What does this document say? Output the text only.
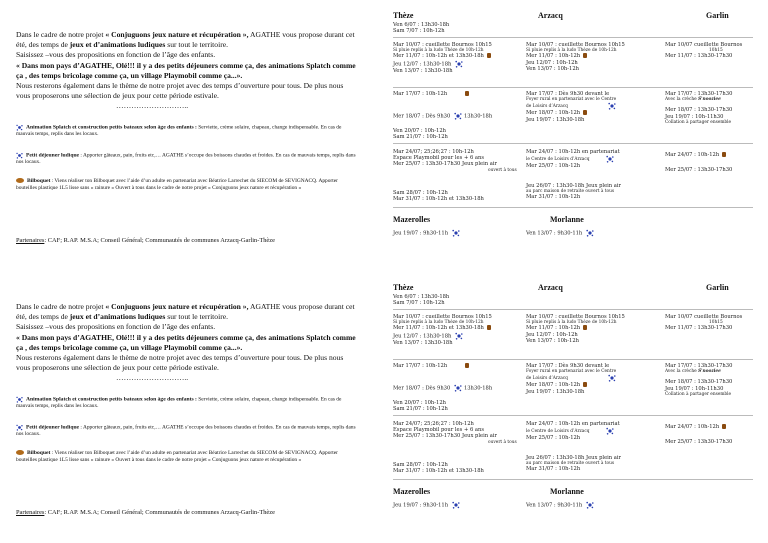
Dans le cadre de notre projet « Conjuguons jeux nature et récupération », AGATHE vous propose durant cet été, des temps de jeux et d’animations ludiques sur tout le territoire.

Saisissez –vous des propositions en fonction de l’âge des enfants.

« Dans mon pays d’AGATHE, Olé!!! il y a des petits déjeuners comme ça, des animations Splatch comme ça , des temps bricolage comme ça, un village Playmobil comme ça...».

Nous resterons également dans le thème de notre projet avec des temps d’ouverture pour tous. De plus nous vous proposerons une sélection de jeux pour cette période estivale.

………………………..

Animation Splatch et construction petits bateaux selon âge des enfants : Serviette, crème solaire, chapeau, change indispensable. En cas de mauvais temps, replis dans les locaux.
Petit déjeuner ludique : Apporter gâteaux, pain, fruits etc,… AGATHE s’occupe des boissons chaudes et froides. En cas de mauvais temps, replis dans nos locaux.
Bilboquet : Viens réaliser ton Bilboquet avec l’aide d’un adulte en partenariat avec Béatrice Larrechet du SIECOM de SEVIGNACQ. Apporter bouteilles plastique 1L5 lisse sans « rainure » Ouvert à tous dans le cadre de notre projet « Conjuguons jeux nature et récupération »
Partenaires: CAF; R.AP. M.S.A; Conseil Général; Communautés de communes Arzacq-Garlin-Thèze
Thèze
Ven 6/07 : 13h30-18h
Sam 7/07 : 10h-12h
Mar 10/07 : cueillette Bournos 10h15
Si pluie replis à la ludo Thèze de 10h-12h
Mer 11/07 : 10h-12h et 13h30-18h
Jeu 12/07 : 13h30-18h
Ven 13/07 : 13h30-18h
Mar 17/07 : 10h-12h
Mer 18/07 : Dès 9h30	13h30-18h
Ven 20/07 : 10h-12h
Sam 21/07 : 10h-12h
Mar 24/07; 25;26;27 : 10h-12h
Espace Playmobil pour les + 6 ans
Mer 25/07 : 13h30-17h30 Jeux plein air
ouvert à tous
Sam 28/07 : 10h-12h
Mar 31/07 : 10h-12h et 13h30-18h
Arzacq
Mar 10/07 : cueillette Bournos 10h15
Si pluie replis à la ludo Thèze de 10h-12h
Mer 11/07 : 10h-12h
Jeu 12/07 : 10h-12h
Ven 13/07 : 10h-12h
Mar 17/07 : Dès 9h30 devant le
Foyer rural en partenariat avec le Centre
de Loisirs d’Arzacq
Mer 18/07 : 10h-12h
Jeu 19/07 : 13h30-18h
Mar 24/07 : 10h-12h en partenariat
le Centre de Loisirs d’Arzacq
Mer 25/07 : 10h-12h
Jeu 26/07 : 13h30-18h Jeux plein air
au parc maison de retraite ouvert à tous
Mar 31/07 : 10h-12h
Garlin
Mar 10/07 cueillette Bournos
10h15
Mer 11/07 : 13h30-17h30
Mar 17/07 : 13h30-17h30
Avec la crèche S'nooziee
Mer 18/07 : 13h30-17h30
Jeu 19/07 : 10h-11h30
Collation à partager ensemble
Mar 24/07 : 10h-12h
Mer 25/07 : 13h30-17h30
Mazerolles
Jeu 19/07 : 9h30-11h
Morlanne
Ven 13/07 : 9h30-11h

Dans le cadre de notre projet « Conjuguons jeux nature et récupération », AGATHE vous propose durant cet été, des temps de jeux et d’animations ludiques sur tout le territoire.

Saisissez –vous des propositions en fonction de l’âge des enfants.

« Dans mon pays d’AGATHE, Olé!!! il y a des petits déjeuners comme ça, des animations Splatch comme ça , des temps bricolage comme ça, un village Playmobil comme ça...».

Nous resterons également dans le thème de notre projet avec des temps d’ouverture pour tous. De plus nous vous proposerons une sélection de jeux pour cette période estivale.

………………………..

Animation Splatch et construction petits bateaux selon âge des enfants : Serviette, crème solaire, chapeau, change indispensable. En cas de mauvais temps, replis dans les locaux.
Petit déjeuner ludique : Apporter gâteaux, pain, fruits etc,… AGATHE s’occupe des boissons chaudes et froides. En cas de mauvais temps, replis dans nos locaux.
Bilboquet : Viens réaliser ton Bilboquet avec l’aide d’un adulte en partenariat avec Béatrice Larrechet du SIECOM de SEVIGNACQ. Apporter bouteilles plastique 1L5 lisse sans « rainure » Ouvert à tous dans le cadre de notre projet « Conjuguons jeux nature et récupération »
Partenaires: CAF; R.AP. M.S.A; Conseil Général; Communautés de communes Arzacq-Garlin-Thèze
Thèze
Ven 6/07 : 13h30-18h
Sam 7/07 : 10h-12h
Mar 10/07 : cueillette Bournos 10h15
Si pluie replis à la ludo Thèze de 10h-12h
Mer 11/07 : 10h-12h et 13h30-18h
Jeu 12/07 : 13h30-18h
Ven 13/07 : 13h30-18h
Mar 17/07 : 10h-12h
Mer 18/07 : Dès 9h30	13h30-18h
Ven 20/07 : 10h-12h
Sam 21/07 : 10h-12h
Mar 24/07; 25;26;27 : 10h-12h
Espace Playmobil pour les + 6 ans
Mer 25/07 : 13h30-17h30 Jeux plein air
ouvert à tous
Sam 28/07 : 10h-12h
Mar 31/07 : 10h-12h et 13h30-18h
Arzacq
Mar 10/07 : cueillette Bournos 10h15
Si pluie replis à la ludo Thèze de 10h-12h
Mer 11/07 : 10h-12h
Jeu 12/07 : 10h-12h
Ven 13/07 : 10h-12h
Mar 17/07 : Dès 9h30 devant le
Foyer rural en partenariat avec le Centre
de Loisirs d’Arzacq
Mer 18/07 : 10h-12h
Jeu 19/07 : 13h30-18h
Mar 24/07 : 10h-12h en partenariat
le Centre de Loisirs d’Arzacq
Mer 25/07 : 10h-12h
Jeu 26/07 : 13h30-18h Jeux plein air
au parc maison de retraite ouvert à tous
Mar 31/07 : 10h-12h
Garlin
Mar 10/07 cueillette Bournos
10h15
Mer 11/07 : 13h30-17h30
Mar 17/07 : 13h30-17h30
Avec la crèche S'nooziee
Mer 18/07 : 13h30-17h30
Jeu 19/07 : 10h-11h30
Collation à partager ensemble
Mar 24/07 : 10h-12h
Mer 25/07 : 13h30-17h30
Mazerolles
Jeu 19/07 : 9h30-11h
Morlanne
Ven 13/07 : 9h30-11h
